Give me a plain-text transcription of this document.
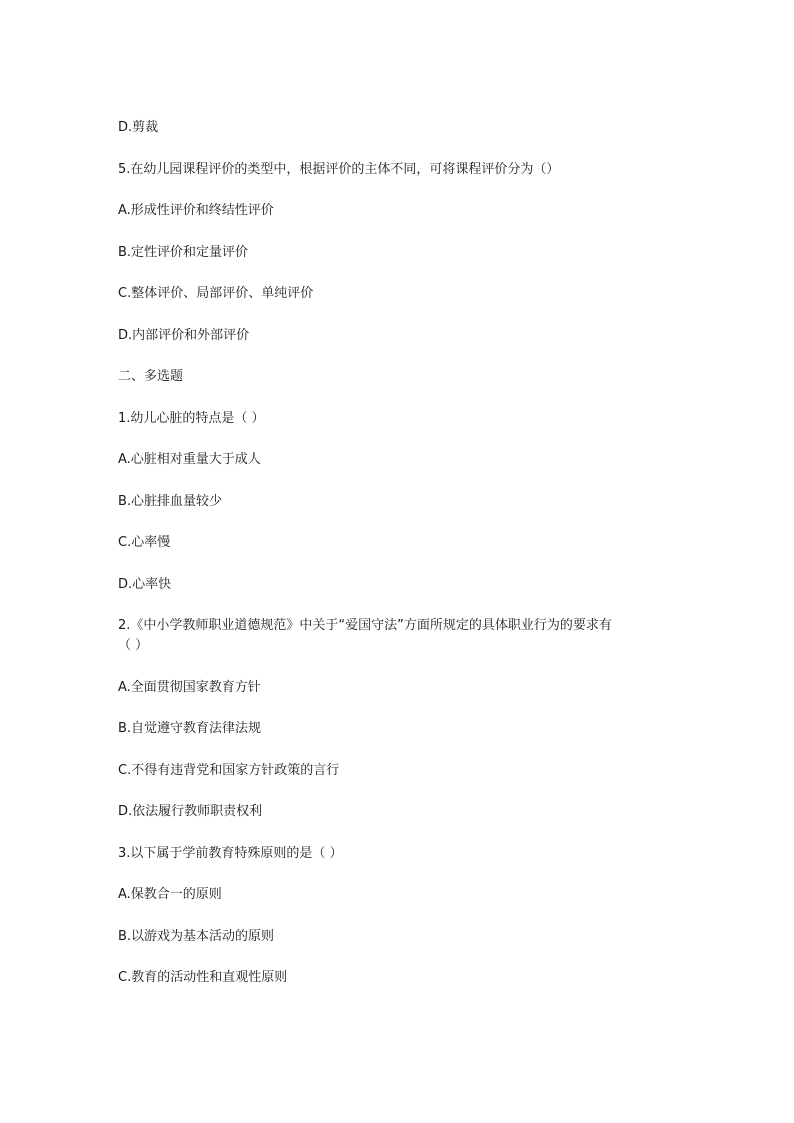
D.剪裁

5.在幼儿园课程评价的类型中，根据评价的主体不同，可将课程评价分为（）

A.形成性评价和终结性评价

B.定性评价和定量评价

C.整体评价、局部评价、单纯评价

D.内部评价和外部评价

二、多选题

1.幼儿心脏的特点是（ ）

A.心脏相对重量大于成人

B.心脏排血量较少

C.心率慢

D.心率快

2.《中小学教师职业道德规范》中关于“爱国守法”方面所规定的具体职业行为的要求有

（ ）

A.全面贯彻国家教育方针

B.自觉遵守教育法律法规

C.不得有违背党和国家方针政策的言行

D.依法履行教师职责权利

3.以下属于学前教育特殊原则的是（ ）

A.保教合一的原则

B.以游戏为基本活动的原则

C.教育的活动性和直观性原则
